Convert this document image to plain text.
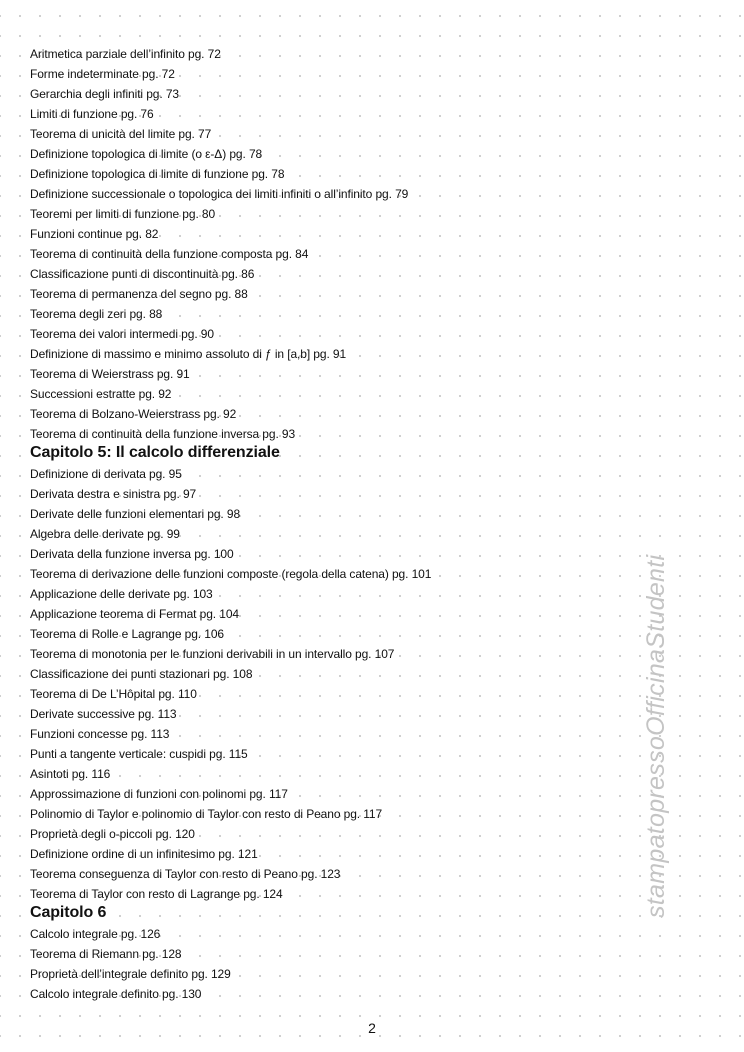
Aritmetica parziale dell’infinito pg. 72
Forme indeterminate pg. 72
Gerarchia degli infiniti pg. 73
Limiti di funzione pg. 76
Teorema di unicità del limite pg. 77
Definizione topologica di limite (o ε-Δ) pg. 78
Definizione topologica di limite di funzione pg. 78
Definizione successionale o topologica dei limiti infiniti o all’infinito pg. 79
Teoremi per limiti di funzione pg. 80
Funzioni continue pg. 82
Teorema di continuità della funzione composta pg. 84
Classificazione punti di discontinuità pg. 86
Teorema di permanenza del segno pg. 88
Teorema degli zeri pg. 88
Teorema dei valori intermedi pg. 90
Definizione di massimo e minimo assoluto di ƒ in [a,b] pg. 91
Teorema di Weierstrass pg. 91
Successioni estratte pg. 92
Teorema di Bolzano-Weierstrass pg. 92
Teorema di continuità della funzione inversa pg. 93
Capitolo 5: Il calcolo differenziale
Definizione di derivata pg. 95
Derivata destra e sinistra pg. 97
Derivate delle funzioni elementari pg. 98
Algebra delle derivate pg. 99
Derivata della funzione inversa pg. 100
Teorema di derivazione delle funzioni composte (regola della catena) pg. 101
Applicazione delle derivate pg. 103
Applicazione teorema di Fermat pg. 104
Teorema di Rolle e Lagrange pg. 106
Teorema di monotonia per le funzioni derivabili in un intervallo pg. 107
Classificazione dei punti stazionari pg. 108
Teorema di De L’Hôpital pg. 110
Derivate successive pg. 113
Funzioni concesse pg. 113
Punti a tangente verticale: cuspidi pg. 115
Asintoti pg. 116
Approssimazione di funzioni con polinomi pg. 117
Polinomio di Taylor e polinomio di Taylor con resto di Peano pg. 117
Proprietà degli o-piccoli pg. 120
Definizione ordine di un infinitesimo pg. 121
Teorema conseguenza di Taylor con resto di Peano pg. 123
Teorema di Taylor con resto di Lagrange pg. 124
Capitolo 6
Calcolo integrale pg. 126
Teorema di Riemann pg. 128
Proprietà dell’integrale definito pg. 129
Calcolo integrale definito pg. 130
stampatopressoOfficinaStudenti
2
